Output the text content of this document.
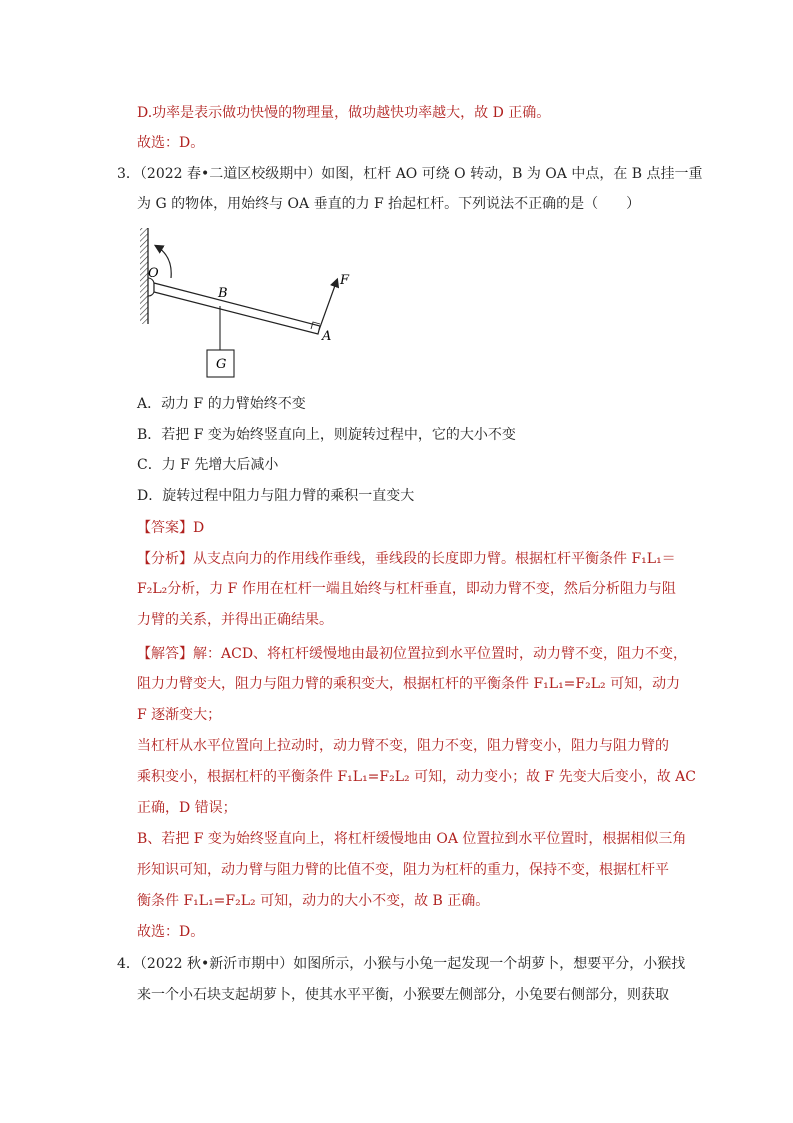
D.功率是表示做功快慢的物理量，做功越快功率越大，故 D 正确。
故选：D。
3．（2022 春•二道区校级期中）如图，杠杆 AO 可绕 O 转动，B 为 OA 中点，在 B 点挂一重
为 G 的物体，用始终与 OA 垂直的力 F 抬起杠杆。下列说法不正确的是（　　）
O
B
A
F
G
A．动力 F 的力臂始终不变
B．若把 F 变为始终竖直向上，则旋转过程中，它的大小不变
C．力 F 先增大后减小
D．旋转过程中阻力与阻力臂的乘积一直变大
【答案】D
【分析】从支点向力的作用线作垂线，垂线段的长度即力臂。根据杠杆平衡条件 F₁L₁＝
F₂L₂分析，力 F 作用在杠杆一端且始终与杠杆垂直，即动力臂不变，然后分析阻力与阻
力臂的关系，并得出正确结果。
【解答】解：ACD、将杠杆缓慢地由最初位置拉到水平位置时，动力臂不变，阻力不变，
阻力力臂变大，阻力与阻力臂的乘积变大，根据杠杆的平衡条件 F₁L₁=F₂L₂ 可知，动力
F 逐渐变大；
当杠杆从水平位置向上拉动时，动力臂不变，阻力不变，阻力臂变小，阻力与阻力臂的
乘积变小，根据杠杆的平衡条件 F₁L₁=F₂L₂ 可知，动力变小；故 F 先变大后变小，故 AC
正确，D 错误；
B、若把 F 变为始终竖直向上，将杠杆缓慢地由 OA 位置拉到水平位置时，根据相似三角
形知识可知，动力臂与阻力臂的比值不变，阻力为杠杆的重力，保持不变，根据杠杆平
衡条件 F₁L₁=F₂L₂ 可知，动力的大小不变，故 B 正确。
故选：D。
4．（2022 秋•新沂市期中）如图所示，小猴与小兔一起发现一个胡萝卜，想要平分，小猴找
来一个小石块支起胡萝卜，使其水平平衡，小猴要左侧部分，小兔要右侧部分，则获取
